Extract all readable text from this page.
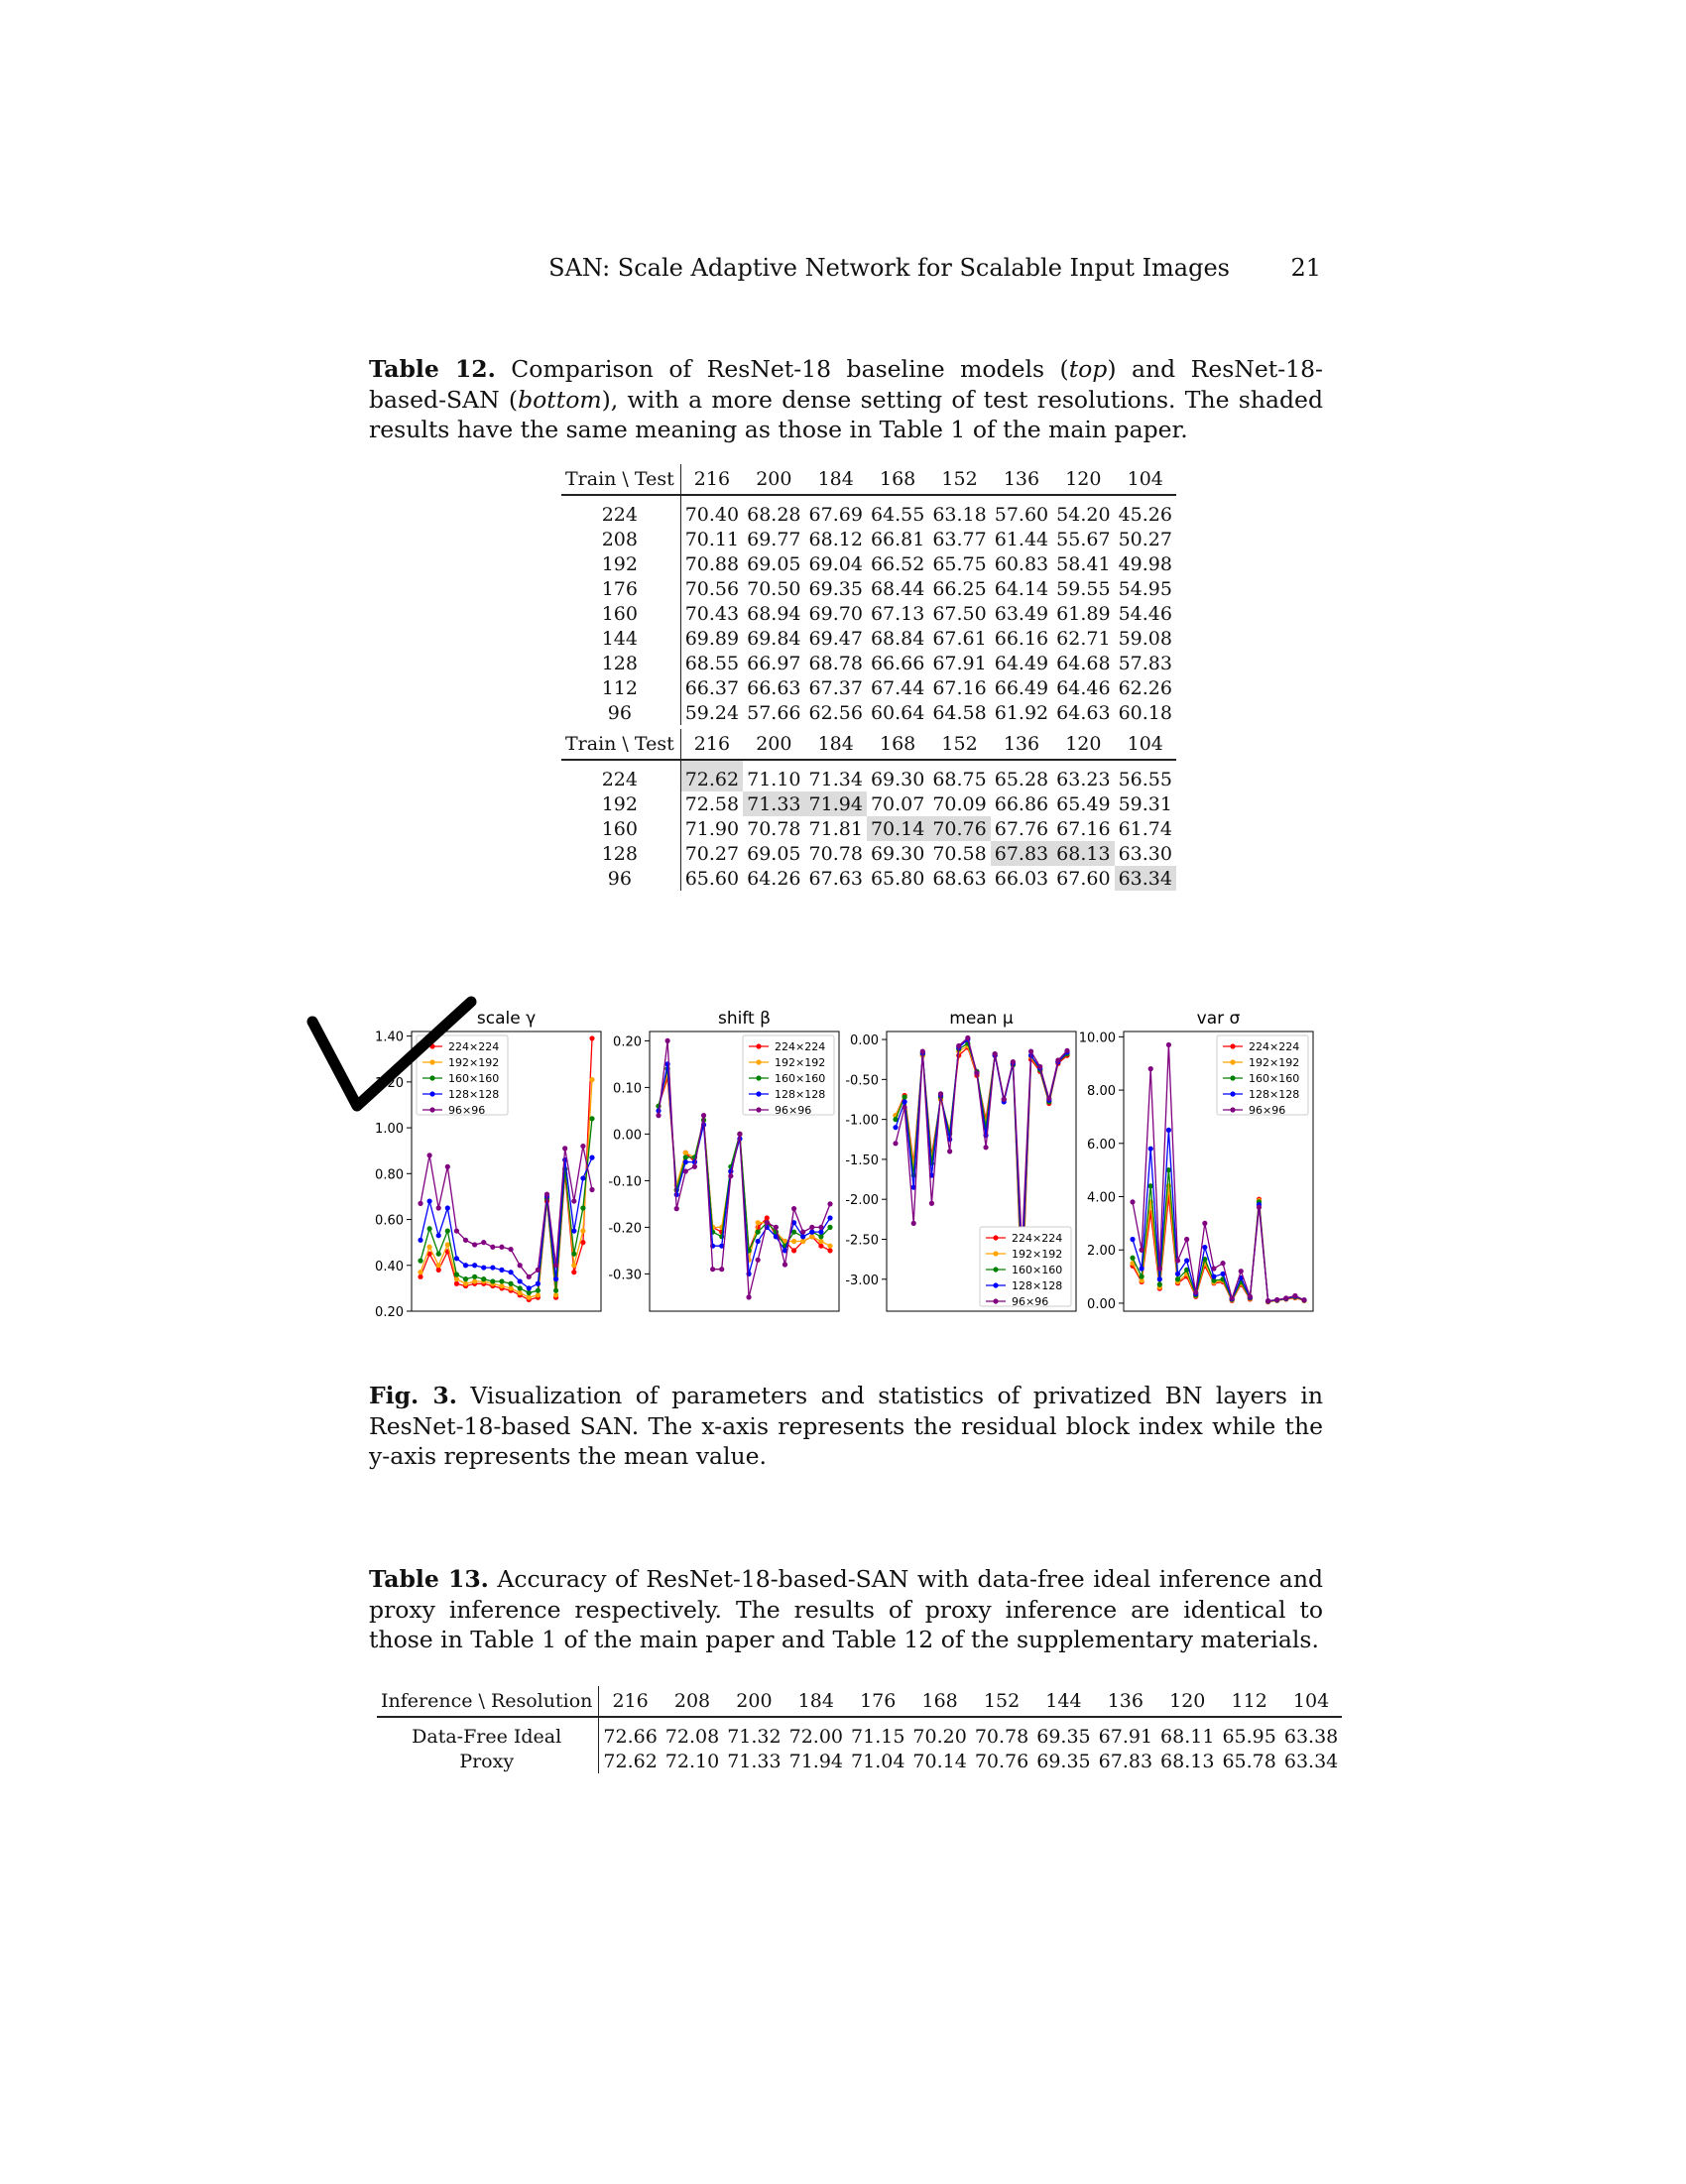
SAN: Scale Adaptive Network for Scalable Input Images	21
Table 12. Comparison of ResNet-18 baseline models (top) and ResNet-18-based-SAN (bottom), with a more dense setting of test resolutions. The shaded results have the same meaning as those in Table 1 of the main paper.
Train \ Test	216	200	184	168	152	136	120	104
224	70.40	68.28	67.69	64.55	63.18	57.60	54.20	45.26
208	70.11	69.77	68.12	66.81	63.77	61.44	55.67	50.27
192	70.88	69.05	69.04	66.52	65.75	60.83	58.41	49.98
176	70.56	70.50	69.35	68.44	66.25	64.14	59.55	54.95
160	70.43	68.94	69.70	67.13	67.50	63.49	61.89	54.46
144	69.89	69.84	69.47	68.84	67.61	66.16	62.71	59.08
128	68.55	66.97	68.78	66.66	67.91	64.49	64.68	57.83
112	66.37	66.63	67.37	67.44	67.16	66.49	64.46	62.26
96	59.24	57.66	62.56	60.64	64.58	61.92	64.63	60.18
Train \ Test	216	200	184	168	152	136	120	104
224	72.62	71.10	71.34	69.30	68.75	65.28	63.23	56.55
192	72.58	71.33	71.94	70.07	70.09	66.86	65.49	59.31
160	71.90	70.78	71.81	70.14	70.76	67.76	67.16	61.74
128	70.27	69.05	70.78	69.30	70.58	67.83	68.13	63.30
96	65.60	64.26	67.63	65.80	68.63	66.03	67.60	63.34
scale γ
0.20
0.40
0.60
0.80
1.00
1.20
1.40
224×224
192×192
160×160
128×128
96×96
shift β
-0.30
-0.20
-0.10
0.00
0.10
0.20	224×224
192×192
160×160
128×128
96×96
mean μ
-3.00
-2.50
-2.00
-1.50
-1.00
-0.50
0.00
224×224
192×192
160×160
128×128
96×96
var σ
0.00
2.00
4.00
6.00
8.00
10.00
224×224
192×192
160×160
128×128
96×96
Fig. 3. Visualization of parameters and statistics of privatized BN layers in ResNet-18-based SAN. The x-axis represents the residual block index while the y-axis represents the mean value.
Table 13. Accuracy of ResNet-18-based-SAN with data-free ideal inference and proxy inference respectively. The results of proxy inference are identical to those in Table 1 of the main paper and Table 12 of the supplementary materials.
Inference \ Resolution	216	208	200	184	176	168	152	144	136	120	112	104
Data-Free Ideal	72.66	72.08	71.32	72.00	71.15	70.20	70.78	69.35	67.91	68.11	65.95	63.38
Proxy	72.62	72.10	71.33	71.94	71.04	70.14	70.76	69.35	67.83	68.13	65.78	63.34
